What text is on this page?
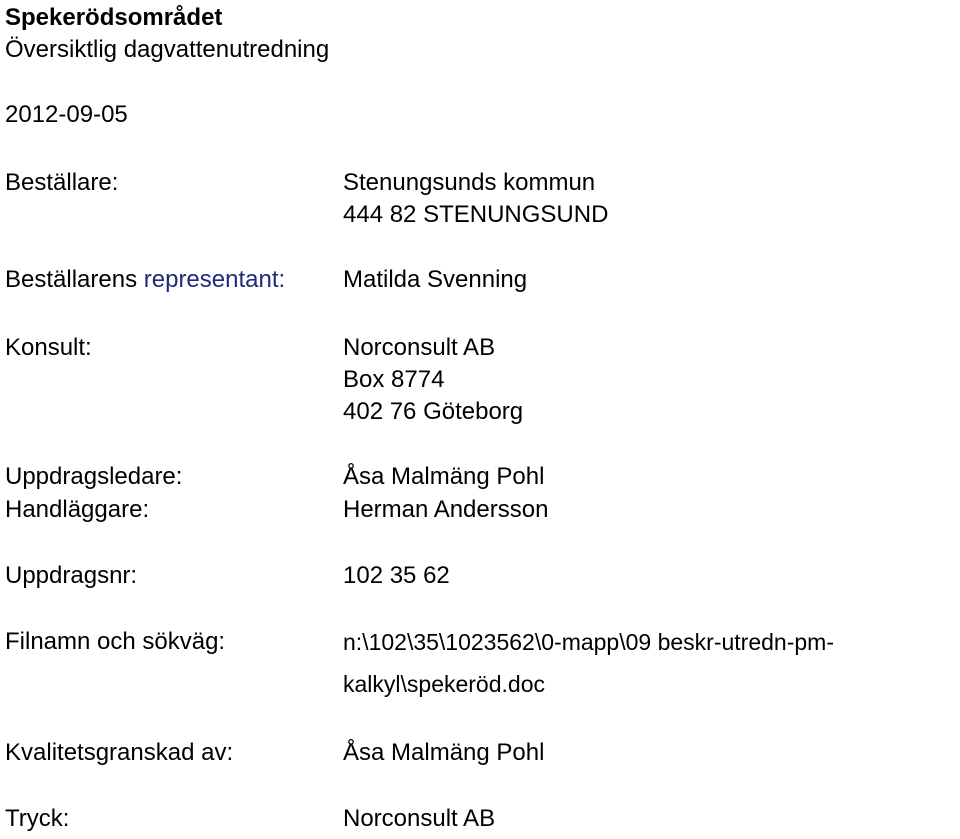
Spekerödsområdet
Översiktlig dagvattenutredning
2012-09-05
Beställare:	Stenungsunds kommun
444 82 STENUNGSUND
Beställarens representant: Matilda Svenning
Konsult:	Norconsult AB
Box 8774
402 76 Göteborg
Uppdragsledare:	Åsa Malmäng Pohl
Handläggare:	Herman Andersson
Uppdragsnr:	102 35 62
Filnamn och sökväg:	n:\102\35\1023562\0-mapp\09 beskr-utredn-pm-
kalkyl\spekeröd.doc
Kvalitetsgranskad av:	Åsa Malmäng Pohl
Tryck:	Norconsult AB
